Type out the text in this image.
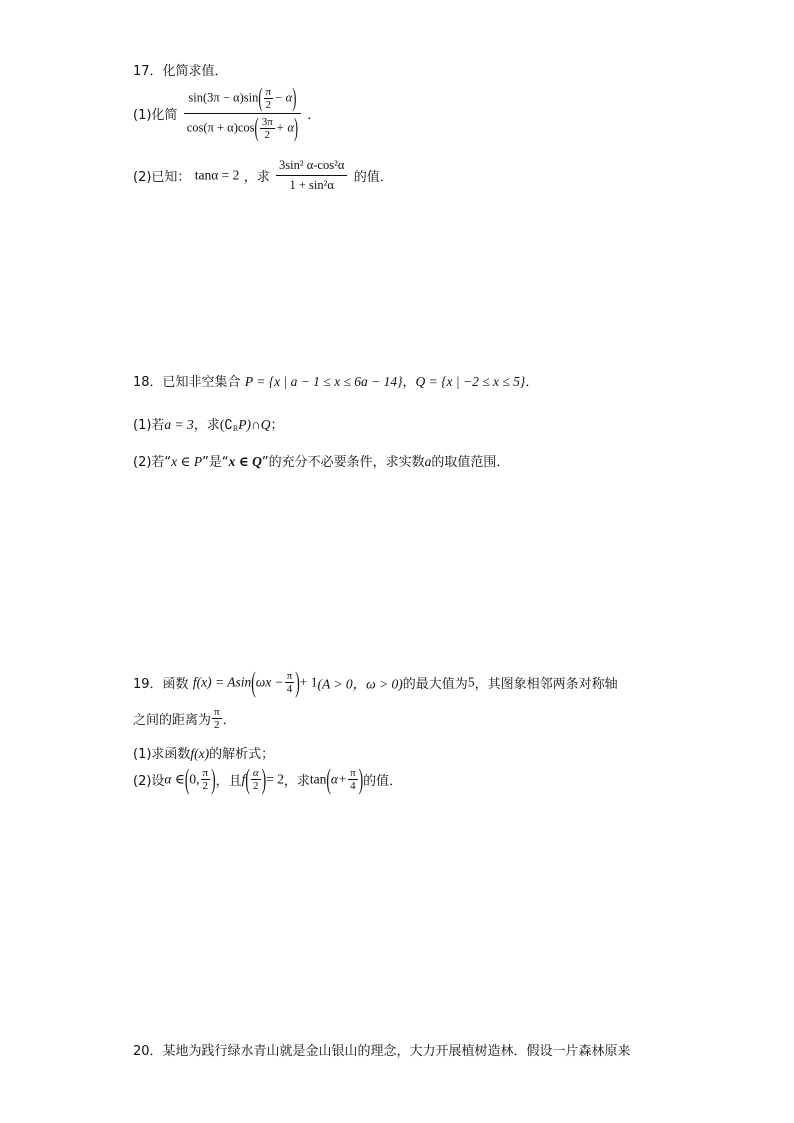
17．化简求值．
(1)化简 $\frac{\sin(3\pi - \alpha)\sin( \frac{\pi}{2} - \alpha)}{\cos(\pi + \alpha)\cos( \frac{3\pi}{2} + \alpha)}$ ．
(2)已知： tanα = 2 ，求 $\frac{\text{3sin² α-cos²α}}{\text{1 + sin²α}}$ 的值．
18．已知非空集合 P = {x | a − 1 ≤ x ≤ 6a − 14}，Q = {x | −2 ≤ x ≤ 5}．
(1)若a = 3，求$(∁_RP)\cap Q$；
(2)若“x ∈ P”是“x ∈ Q”的充分不必要条件，求实数a的取值范围．
19．函数 $f(x) = Asin(\omega x - \frac{\pi}{4}$ )+ 1(A > 0，ω > 0)的最大值为5，其图象相邻两条对称轴
之间的距离为 $\frac{\pi}{2}$ ．
(1)求函数f(x)的解析式；
(2)设α ∈(0, $\frac{\pi}{2}$ )，且$f( \frac{\alpha}{2}$ )= 2，求$\tan(\alpha+ \frac{\pi}{4}$ )的值．
20．某地为践行绿水青山就是金山银山的理念，大力开展植树造林．假设一片森林原来
